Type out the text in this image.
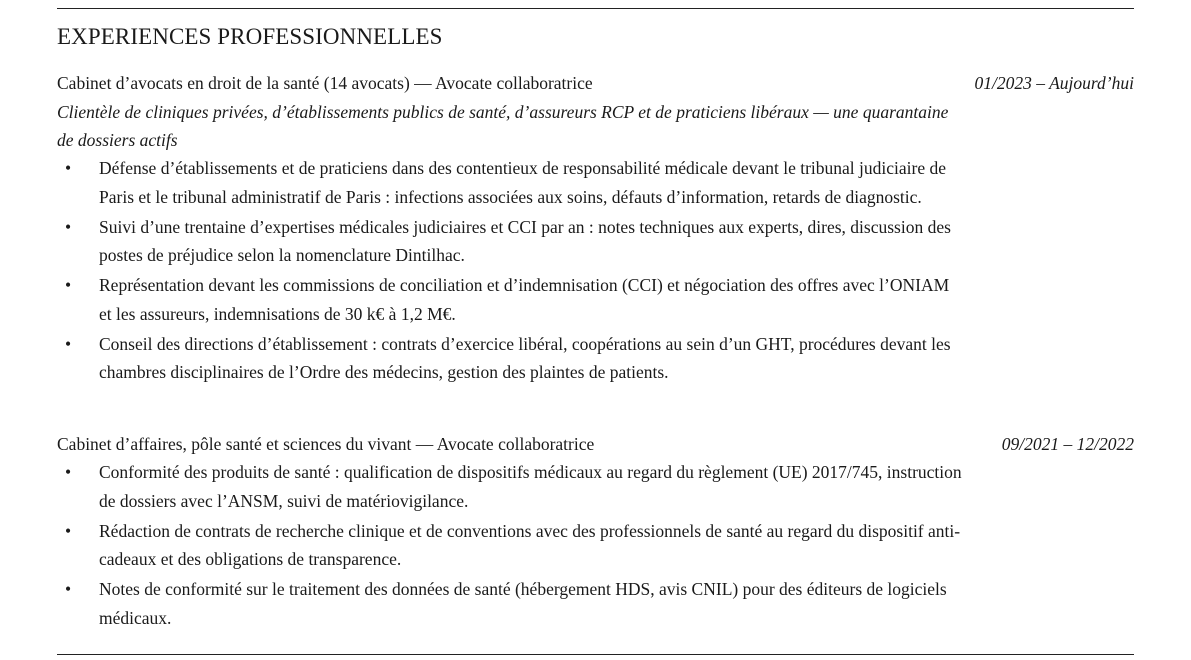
EXPERIENCES PROFESSIONNELLES
Cabinet d’avocats en droit de la santé (14 avocats) — Avocate collaboratrice	01/2023 – Aujourd’hui
Clientèle de cliniques privées, d’établissements publics de santé, d’assureurs RCP et de praticiens libéraux — une quarantaine de dossiers actifs
• Défense d’établissements et de praticiens dans des contentieux de responsabilité médicale devant le tribunal judiciaire de Paris et le tribunal administratif de Paris : infections associées aux soins, défauts d’information, retards de diagnostic.
• Suivi d’une trentaine d’expertises médicales judiciaires et CCI par an : notes techniques aux experts, dires, discussion des postes de préjudice selon la nomenclature Dintilhac.
• Représentation devant les commissions de conciliation et d’indemnisation (CCI) et négociation des offres avec l’ONIAM et les assureurs, indemnisations de 30 k€ à 1,2 M€.
• Conseil des directions d’établissement : contrats d’exercice libéral, coopérations au sein d’un GHT, procédures devant les chambres disciplinaires de l’Ordre des médecins, gestion des plaintes de patients.
Cabinet d’affaires, pôle santé et sciences du vivant — Avocate collaboratrice	09/2021 – 12/2022
• Conformité des produits de santé : qualification de dispositifs médicaux au regard du règlement (UE) 2017/745, instruction de dossiers avec l’ANSM, suivi de matériovigilance.
• Rédaction de contrats de recherche clinique et de conventions avec des professionnels de santé au regard du dispositif anti-cadeaux et des obligations de transparence.
• Notes de conformité sur le traitement des données de santé (hébergement HDS, avis CNIL) pour des éditeurs de logiciels médicaux.
